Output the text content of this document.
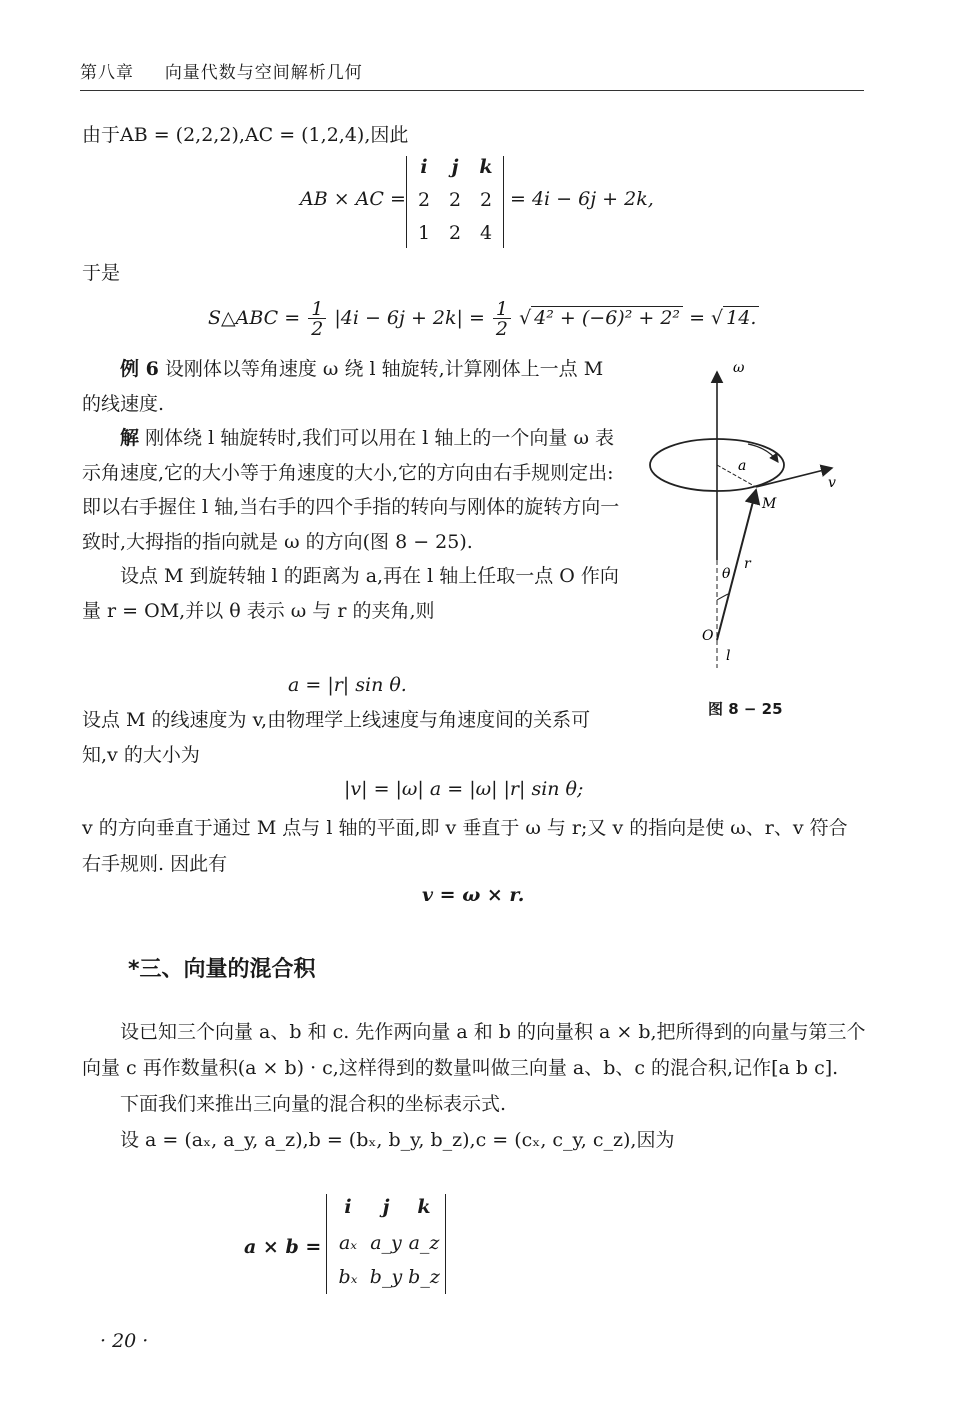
第八章 向量代数与空间解析几何
由于AB = (2,2,2),AC = (1,2,4),因此
AB × AC =
i	j	k
2 2 2
1 2 4
= 4i − 6j + 2k,
于是
S△ABC = $\frac{1}{2} |4i - 6j + 2k| = \frac{1}{2}$ √ 4² + (−6)² + 2² = √ 14.

例 6 设刚体以等角速度 ω 绕 l 轴旋转,计算刚体上一点 M 的线速度.

解 刚体绕 l 轴旋转时,我们可以用在 l 轴上的一个向量 ω 表示角速度,它的大小等于角速度的大小,它的方向由右手规则定出:即以右手握住 l 轴,当右手的四个手指的转向与刚体的旋转方向一致时,大拇指的指向就是 ω 的方向(图 8 − 25).

设点 M 到旋转轴 l 的距离为 a,再在 l 轴上任取一点 O 作向量 r = OM,并以 θ 表示 ω 与 r 的夹角,则

a = |r| sin θ.

设点 M 的线速度为 v,由物理学上线速度与角速度间的关系可知,v 的大小为

|v| = |ω| a = |ω| |r| sin θ;

v 的方向垂直于通过 M 点与 l 轴的平面,即 v 垂直于 ω 与 r;又 v 的指向是使 ω、r、v 符合右手规则. 因此有

v = ω × r.
ω
a
v
M
r
θ
O
l
图 8 − 25
*三、向量的混合积

设已知三个向量 a、b 和 c. 先作两向量 a 和 b 的向量积 a × b,把所得到的向量与第三个向量 c 再作数量积(a × b) · c,这样得到的数量叫做三向量 a、b、c 的混合积,记作[a b c].

下面我们来推出三向量的混合积的坐标表示式.

设 a = (aₓ, a_y, a_z),b = (bₓ, b_y, b_z),c = (cₓ, c_y, c_z),因为

a × b =
i	j	k
aₓ a_y a_z
bₓ b_y b_z
· 20 ·
